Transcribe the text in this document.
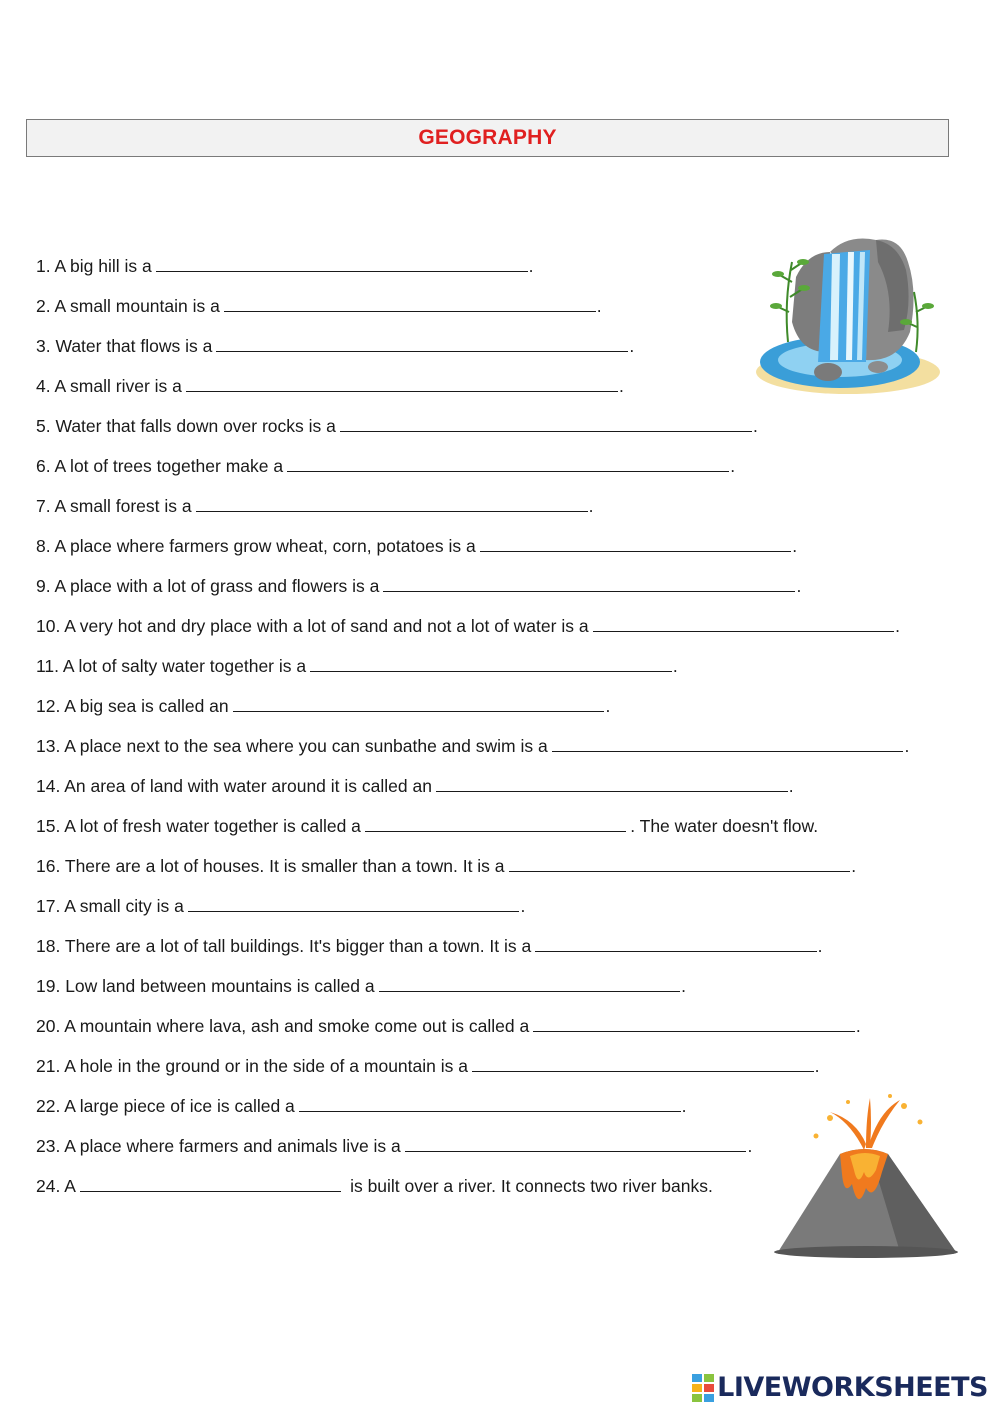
GEOGRAPHY
1. A big hill is a	.
2. A small mountain is a	.
3. Water that flows is a	.
4. A small river is a	.
5. Water that falls down over rocks is a	.
6. A lot of trees together make a	.
7. A small forest is a	.
8. A place where farmers grow wheat, corn, potatoes is a	.
9. A place with a lot of grass and flowers is a	.
10. A very hot and dry place with a lot of sand and not a lot of water is a	.
11. A lot of salty water together is a	.
12. A big sea is called an	.
13. A place next to the sea where you can sunbathe and swim is a	.
14. An area of land with water around it is called an	.
15. A lot of fresh water together is called a	. The water doesn't flow.
16. There are a lot of houses. It is smaller than a town. It is a	.
17. A small city is a	.
18. There are a lot of tall buildings. It's bigger than a town. It is a	.
19. Low land between mountains is called a	.
20. A mountain where lava, ash and smoke come out is called a	.
21. A hole in the ground or in the side of a mountain is a	.
22. A large piece of ice is called a	.
23. A place where farmers and animals live is a	.
24. A	is built over a river. It connects two river banks.
LIVEWORKSHEETS
